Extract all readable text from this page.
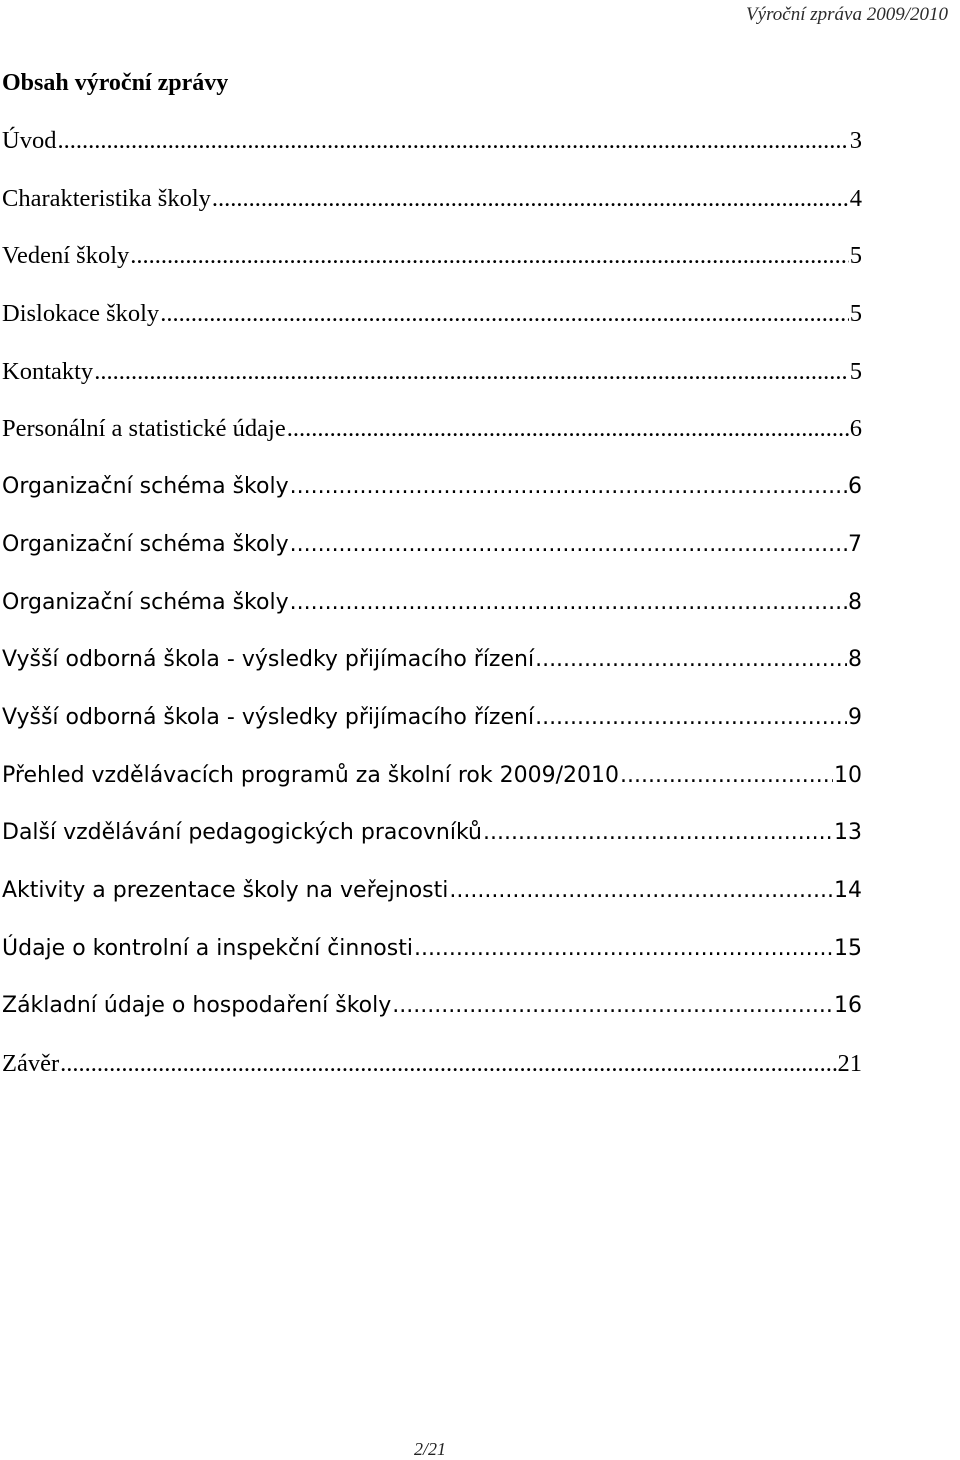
Výroční zpráva 2009/2010
Obsah výroční zprávy
Úvod .....	3
Charakteristika školy .....	4
Vedení školy .....	5
Dislokace školy .....	5
Kontakty .....	5
Personální a statistické údaje .....	6
Organizační schéma školy .....	6
Organizační schéma školy .....	7
Organizační schéma školy .....	8
Vyšší odborná škola - výsledky přijímacího řízení .....	8
Vyšší odborná škola - výsledky přijímacího řízení .....	9
Přehled vzdělávacích programů za školní rok 2009/2010 .....	10
Další vzdělávání pedagogických pracovníků .....	13
Aktivity a prezentace školy na veřejnosti .....	14
Údaje o kontrolní a inspekční činnosti .....	15
Základní údaje o hospodaření školy .....	16
Závěr .....	21
2/21
